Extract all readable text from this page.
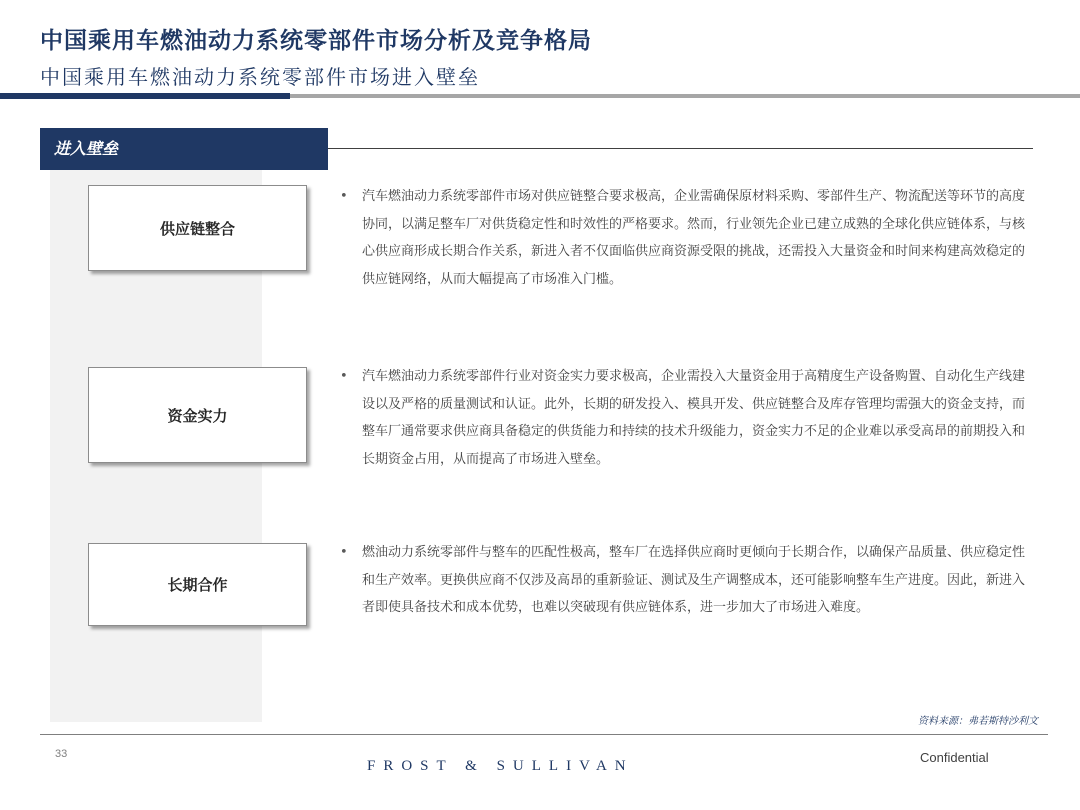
中国乘用车燃油动力系统零部件市场分析及竞争格局
中国乘用车燃油动力系统零部件市场进入壁垒
进入壁垒
供应链整合
资金实力
长期合作
•	汽车燃油动力系统零部件市场对供应链整合要求极高，企业需确保原材料采购、零部件生产、物流配送等环节的高度协同，以满足整车厂对供货稳定性和时效性的严格要求。然而，行业领先企业已建立成熟的全球化供应链体系，与核心供应商形成长期合作关系，新进入者不仅面临供应商资源受限的挑战，还需投入大量资金和时间来构建高效稳定的供应链网络，从而大幅提高了市场准入门槛。
•	汽车燃油动力系统零部件行业对资金实力要求极高，企业需投入大量资金用于高精度生产设备购置、自动化生产线建设以及严格的质量测试和认证。此外，长期的研发投入、模具开发、供应链整合及库存管理均需强大的资金支持，而整车厂通常要求供应商具备稳定的供货能力和持续的技术升级能力，资金实力不足的企业难以承受高昂的前期投入和长期资金占用，从而提高了市场进入壁垒。
•	燃油动力系统零部件与整车的匹配性极高，整车厂在选择供应商时更倾向于长期合作，以确保产品质量、供应稳定性和生产效率。更换供应商不仅涉及高昂的重新验证、测试及生产调整成本，还可能影响整车生产进度。因此，新进入者即使具备技术和成本优势，也难以突破现有供应链体系，进一步加大了市场进入难度。
资料来源：弗若斯特沙利文
33
FROST & SULLIVAN
Confidential
